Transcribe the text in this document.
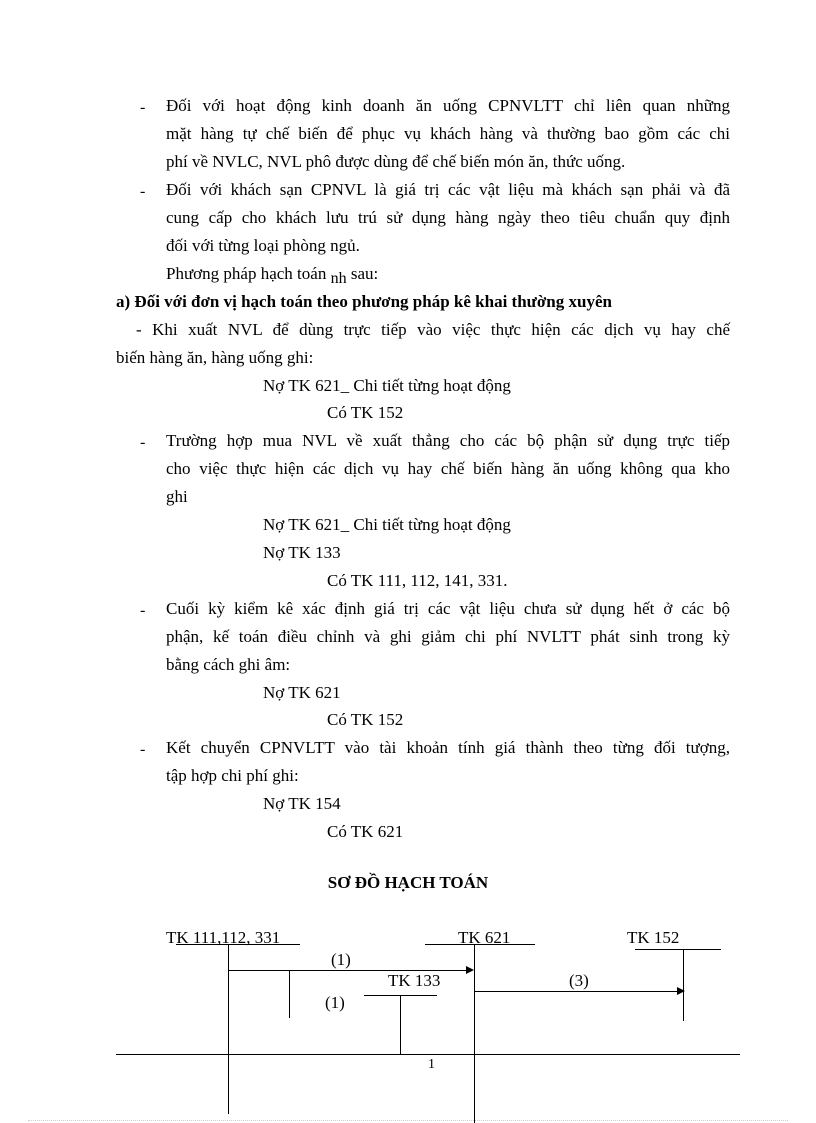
- Đối với hoạt động kinh doanh ăn uống CPNVLTT chỉ liên quan những
mặt hàng tự chế biến để phục vụ khách hàng và thường bao gồm các chi
phí về NVLC, NVL phô được dùng để chế biến món ăn, thức uống.
- Đối với khách sạn CPNVL là giá trị các vật liệu mà khách sạn phải và đã
cung cấp cho khách lưu trú sử dụng hàng ngày theo tiêu chuẩn quy định
đối với từng loại phòng ngủ.
Phương pháp hạch toán nh sau:
a) Đối với đơn vị hạch toán theo phương pháp kê khai thường xuyên
- Khi xuất NVL để dùng trực tiếp vào việc thực hiện các dịch vụ hay chế
biến hàng ăn, hàng uống ghi:
Nợ TK 621_ Chi tiết từng hoạt động
Có TK 152
- Trường hợp mua NVL về xuất thẳng cho các bộ phận sử dụng trực tiếp
cho việc thực hiện các dịch vụ hay chế biến hàng ăn uống không qua kho
ghi
Nợ TK 621_ Chi tiết từng hoạt động
Nợ TK 133
Có TK 111, 112, 141, 331.
- Cuối kỳ kiểm kê xác định giá trị các vật liệu chưa sử dụng hết ở các bộ
phận, kế toán điều chỉnh và ghi giảm chi phí NVLTT phát sinh trong kỳ
bằng cách ghi âm:
Nợ TK 621
Có TK 152
- Kết chuyển CPNVLTT vào tài khoản tính giá thành theo từng đối tượng,
tập hợp chi phí ghi:
Nợ TK 154
Có TK 621
SƠ ĐỒ HẠCH TOÁN
TK 111,112, 331	TK 621	TK 152
(1)
(1)
TK 133	(3)
1
